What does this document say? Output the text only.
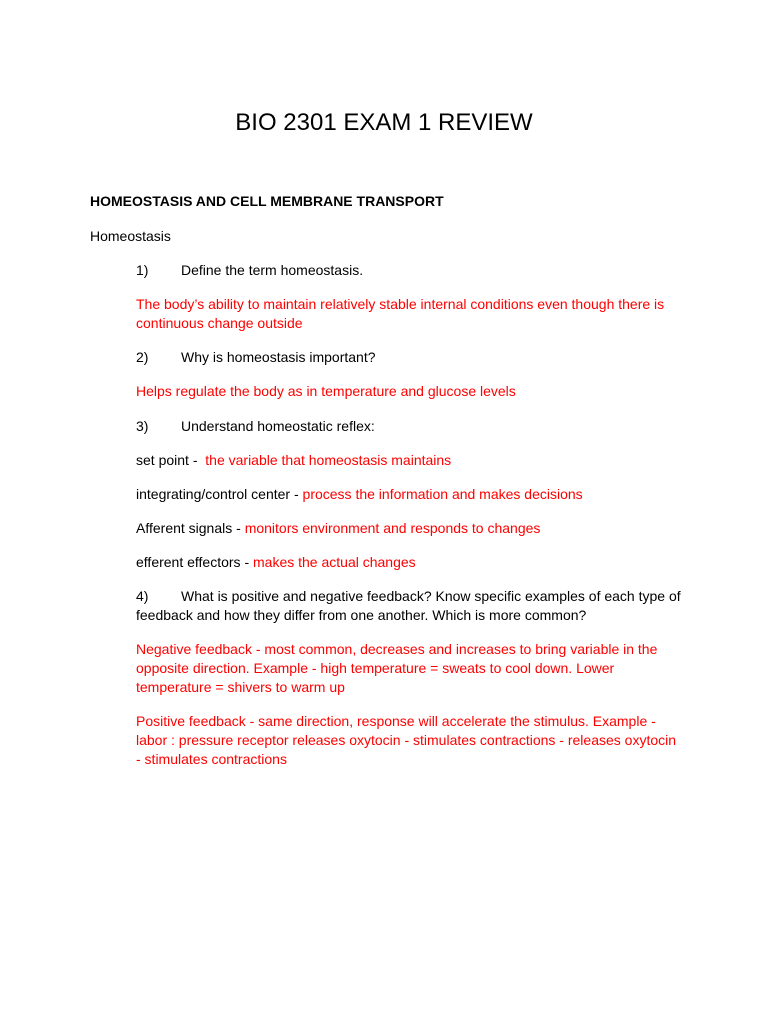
BIO 2301 EXAM 1 REVIEW
HOMEOSTASIS AND CELL MEMBRANE TRANSPORT
Homeostasis
1) Define the term homeostasis.
The body’s ability to maintain relatively stable internal conditions even though there is continuous change outside
2) Why is homeostasis important?
Helps regulate the body as in temperature and glucose levels
3) Understand homeostatic reflex:
set point -  the variable that homeostasis maintains
integrating/control center - process the information and makes decisions
Afferent signals - monitors environment and responds to changes
efferent effectors - makes the actual changes
4) What is positive and negative feedback? Know specific examples of each type of feedback and how they differ from one another. Which is more common?
Negative feedback - most common, decreases and increases to bring variable in the opposite direction. Example - high temperature = sweats to cool down. Lower temperature = shivers to warm up
Positive feedback - same direction, response will accelerate the stimulus. Example - labor : pressure receptor releases oxytocin - stimulates contractions - releases oxytocin - stimulates contractions
